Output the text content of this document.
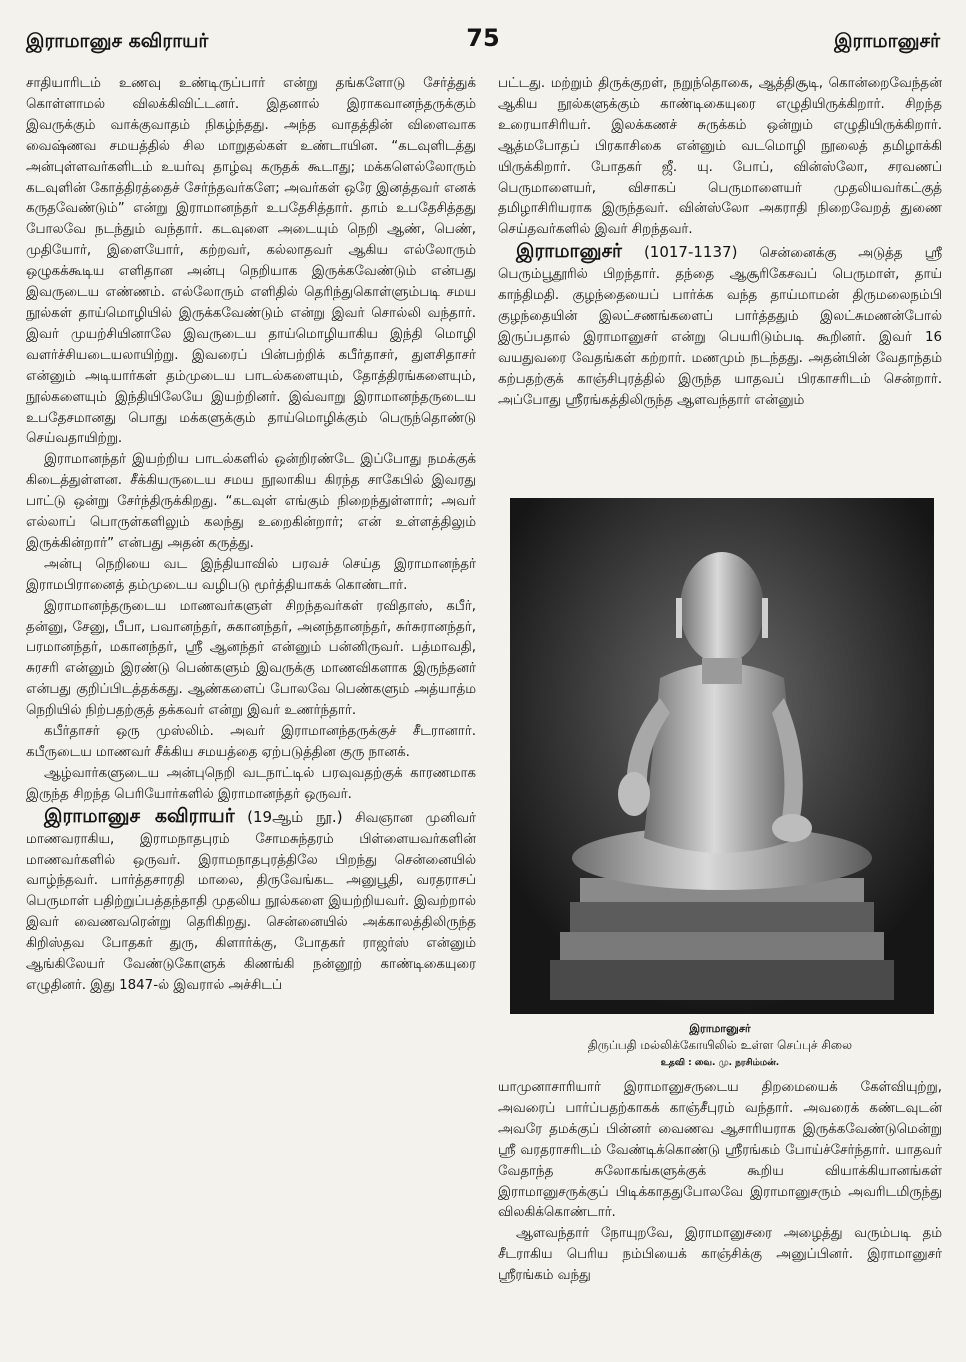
இராமானுச கவிராயர்	75	இராமானுசர்

சாதியாரிடம் உணவு உண்டிருப்பார் என்று தங்களோடு சேர்த்துக் கொள்ளாமல் விலக்கிவிட்டனர். இதனால் இராகவானந்தருக்கும் இவருக்கும் வாக்குவாதம் நிகழ்ந்தது. அந்த வாதத்தின் விளைவாக வைஷ்ணவ சமயத்தில் சில மாறுதல்கள் உண்டாயின. “கடவுளிடத்து அன்புள்ளவர்களிடம் உயர்வு தாழ்வு கருதக் கூடாது; மக்களெல்லோரும் கடவுளின் கோத்திரத்தைச் சேர்ந்தவர்களே; அவர்கள் ஒரே இனத்தவர் எனக் கருதவேண்டும்” என்று இராமானந்தர் உபதேசித்தார். தாம் உபதேசித்தது போலவே நடந்தும் வந்தார். கடவுளை அடையும் நெறி ஆண், பெண், முதியோர், இளையோர், கற்றவர், கல்லாதவர் ஆகிய எல்லோரும் ஒழுகக்கூடிய எளிதான அன்பு நெறியாக இருக்கவேண்டும் என்பது இவருடைய எண்ணம். எல்லோரும் எளிதில் தெரிந்துகொள்ளும்படி சமய நூல்கள் தாய்மொழியில் இருக்கவேண்டும் என்று இவர் சொல்லி வந்தார். இவர் முயற்சியினாலே இவருடைய தாய்மொழியாகிய இந்தி மொழி வளர்ச்சியடையலாயிற்று. இவரைப் பின்பற்றிக் கபீர்தாசர், துளசிதாசர் என்னும் அடியார்கள் தம்முடைய பாடல்களையும், தோத்திரங்களையும், நூல்களையும் இந்தியிலேயே இயற்றினர். இவ்வாறு இராமானந்தருடைய உபதேசமானது பொது மக்களுக்கும் தாய்மொழிக்கும் பெருந்தொண்டு செய்வதாயிற்று.

இராமானந்தர் இயற்றிய பாடல்களில் ஒன்றிரண்டே இப்போது நமக்குக் கிடைத்துள்ளன. சீக்கியருடைய சமய நூலாகிய கிரந்த சாகேபில் இவரது பாட்டு ஒன்று சேர்ந்திருக்கிறது. “கடவுள் எங்கும் நிறைந்துள்ளார்; அவர் எல்லாப் பொருள்களிலும் கலந்து உறைகின்றார்; என் உள்ளத்திலும் இருக்கின்றார்” என்பது அதன் கருத்து.

அன்பு நெறியை வட இந்தியாவில் பரவச் செய்த இராமானந்தர் இராமபிரானைத் தம்முடைய வழிபடு மூர்த்தியாகக் கொண்டார்.

இராமானந்தருடைய மாணவர்களுள் சிறந்தவர்கள் ரவிதாஸ், கபீர், தன்னு, சேனு, பீபா, பவானந்தர், சுகானந்தர், அனந்தானந்தர், சுர்சுரானந்தர், பரமானந்தர், மகானந்தர், ஸ்ரீ ஆனந்தர் என்னும் பன்னிருவர். பத்மாவதி, சுரசரி என்னும் இரண்டு பெண்களும் இவருக்கு மாணவிகளாக இருந்தனர் என்பது குறிப்பிடத்தக்கது. ஆண்களைப் போலவே பெண்களும் அத்யாத்ம நெறியில் நிற்பதற்குத் தக்கவர் என்று இவர் உணர்ந்தார்.

கபீர்தாசர் ஒரு முஸ்லிம். அவர் இராமானந்தருக்குச் சீடரானார். கபீருடைய மாணவர் சீக்கிய சமயத்தை ஏற்படுத்தின குரு நானக்.

ஆழ்வார்களுடைய அன்புநெறி வடநாட்டில் பரவுவதற்குக் காரணமாக இருந்த சிறந்த பெரியோர்களில் இராமானந்தர் ஒருவர்.

இராமானுச கவிராயர் (19ஆம் நூ.) சிவஞான முனிவர் மாணவராகிய, இராமநாதபுரம் சோமசுந்தரம் பிள்ளையவர்களின் மாணவர்களில் ஒருவர். இராமநாதபுரத்திலே பிறந்து சென்னையில் வாழ்ந்தவர். பார்த்தசாரதி மாலை, திருவேங்கட அனுபூதி, வரதராசப் பெருமாள் பதிற்றுப்பத்தந்தாதி முதலிய நூல்களை இயற்றியவர். இவற்றால் இவர் வைணவரென்று தெரிகிறது. சென்னையில் அக்காலத்திலிருந்த கிறிஸ்தவ போதகர் துரு, கிளார்க்கு, போதகர் ராஜர்ஸ் என்னும் ஆங்கிலேயர் வேண்டுகோளுக் கிணங்கி நன்னூற் காண்டிகையுரை எழுதினர். இது 1847-ல் இவரால் அச்சிடப்

பட்டது. மற்றும் திருக்குறள், நறுந்தொகை, ஆத்திசூடி, கொன்றைவேந்தன் ஆகிய நூல்களுக்கும் காண்டிகையுரை எழுதியிருக்கிறார். சிறந்த உரையாசிரியர். இலக்கணச் சுருக்கம் ஒன்றும் எழுதியிருக்கிறார். ஆத்மபோதப் பிரகாசிகை என்னும் வடமொழி நூலைத் தமிழாக்கி யிருக்கிறார். போதகர் ஜீ. யு. போப், வின்ஸ்லோ, சரவணப் பெருமாளையர், விசாகப் பெருமாளையர் முதலியவர்கட்குத் தமிழாசிரியராக இருந்தவர். வின்ஸ்லோ அகராதி நிறைவேறத் துணை செய்தவர்களில் இவர் சிறந்தவர்.

இராமானுசர் (1017-1137) சென்னைக்கு அடுத்த ஸ்ரீ பெரும்பூதூரில் பிறந்தார். தந்தை ஆசூரிகேசவப் பெருமாள், தாய் காந்திமதி. குழந்தையைப் பார்க்க வந்த தாய்மாமன் திருமலைநம்பி குழந்தையின் இலட்சணங்களைப் பார்த்ததும் இலட்சுமணன்போல் இருப்பதால் இராமானுசர் என்று பெயரிடும்படி கூறினர். இவர் 16 வயதுவரை வேதங்கள் கற்றார். மணமும் நடந்தது. அதன்பின் வேதாந்தம் கற்பதற்குக் காஞ்சிபுரத்தில் இருந்த யாதவப் பிரகாசரிடம் சென்றார். அப்போது ஸ்ரீரங்கத்திலிருந்த ஆளவந்தார் என்னும்

இராமானுசர்
திருப்பதி மல்லிக்கோயிலில் உள்ள செப்புச் சிலை
உதவி : வை. மு. நரசிம்மன்.

யாமுனாசாரியார் இராமானுசருடைய திறமையைக் கேள்வியுற்று, அவரைப் பார்ப்பதற்காகக் காஞ்சீபுரம் வந்தார். அவரைக் கண்டவுடன் அவரே தமக்குப் பின்னர் வைணவ ஆசாரியராக இருக்கவேண்டுமென்று ஸ்ரீ வரதராசரிடம் வேண்டிக்கொண்டு ஸ்ரீரங்கம் போய்ச்சேர்ந்தார். யாதவர் வேதாந்த சுலோகங்களுக்குக் கூறிய வியாக்கியானங்கள் இராமானுசருக்குப் பிடிக்காததுபோலவே இராமானுசரும் அவரிடமிருந்து விலகிக்கொண்டார்.

ஆளவந்தார் நோயுறவே, இராமானுசரை அழைத்து வரும்படி தம் சீடராகிய பெரிய நம்பியைக் காஞ்சிக்கு அனுப்பினர். இராமானுசர் ஸ்ரீரங்கம் வந்து
